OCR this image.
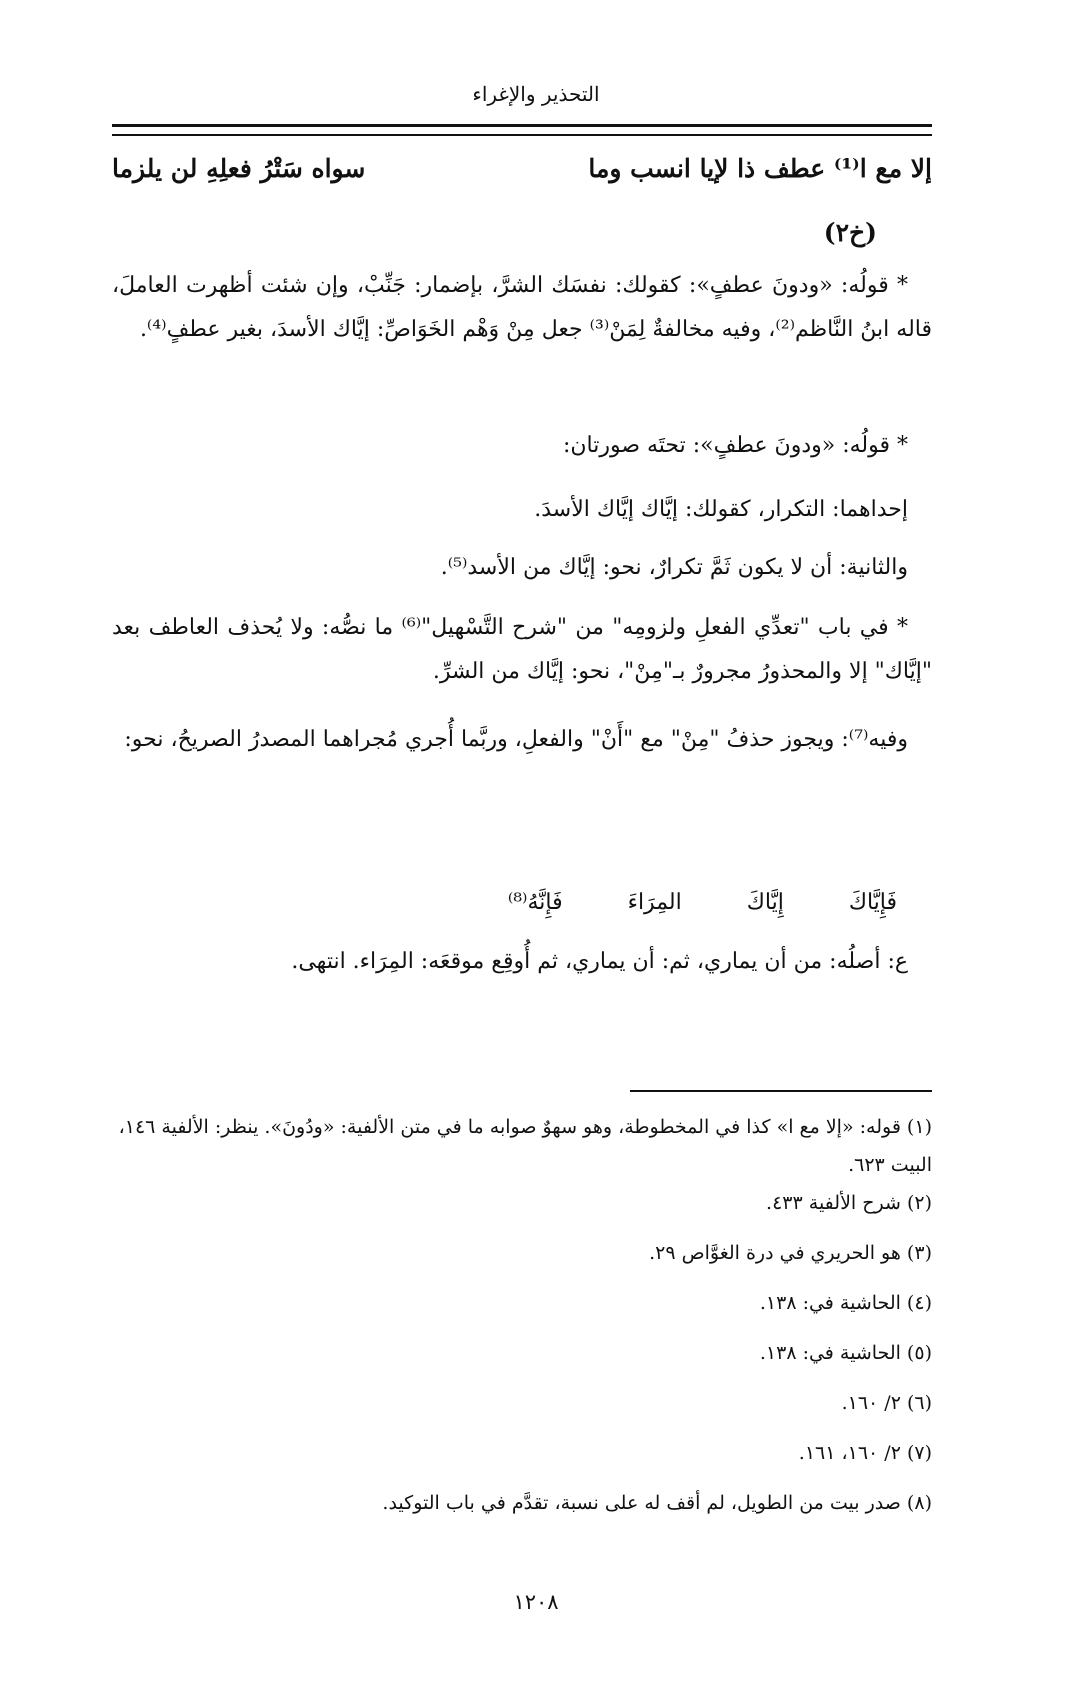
التحذير والإغراء
إلا مع ا⁽¹⁾ عطف ذا لإيا انسب وما
سواه سَتْرُ فعلِهِ لن يلزما
(خ٢)
* قولُه: «ودونَ عطفٍ»: كقولك: نفسَك الشرَّ، بإضمار: جَنِّبْ، وإن شئت أظهرت العاملَ، قاله ابنُ النَّاظم⁽²⁾، وفيه مخالفةٌ لِمَنْ⁽³⁾ جعل مِنْ وَهْم الخَوَاصِّ: إيَّاك الأسدَ، بغير عطفٍ⁽⁴⁾.
* قولُه: «ودونَ عطفٍ»: تحتَه صورتان:
إحداهما: التكرار، كقولك: إيَّاك إيَّاك الأسدَ.
والثانية: أن لا يكون ثَمَّ تكرارٌ، نحو: إيَّاك من الأسد⁽⁵⁾.
* في باب "تعدِّي الفعلِ ولزومِه" من "شرح التَّسْهيل"⁽⁶⁾ ما نصُّه: ولا يُحذف العاطف بعد "إيَّاك" إلا والمحذورُ مجرورٌ بـ"مِنْ"، نحو: إيَّاك من الشرِّ.
وفيه⁽⁷⁾: ويجوز حذفُ "مِنْ" مع "أَنْ" والفعلِ، وربَّما أُجري مُجراهما المصدرُ الصريحُ، نحو:
فَإِيَّاكَ إِيَّاكَ المِرَاءَ فَإِنَّهُ⁽⁸⁾
ع: أصلُه: من أن يماري، ثم: أن يماري، ثم أُوقِع موقعَه: المِرَاء. انتهى.
(١) قوله: «إلا مع ا» كذا في المخطوطة، وهو سهوٌ صوابه ما في متن الألفية: «ودُونَ». ينظر: الألفية ١٤٦، البيت ٦٢٣.
(٢) شرح الألفية ٤٣٣.
(٣) هو الحريري في درة الغوَّاص ٢٩.
(٤) الحاشية في: ١٣٨.
(٥) الحاشية في: ١٣٨.
(٦) ٢/ ١٦٠.
(٧) ٢/ ١٦٠، ١٦١.
(٨) صدر بيت من الطويل، لم أقف له على نسبة، تقدَّم في باب التوكيد.
١٢٠٨
